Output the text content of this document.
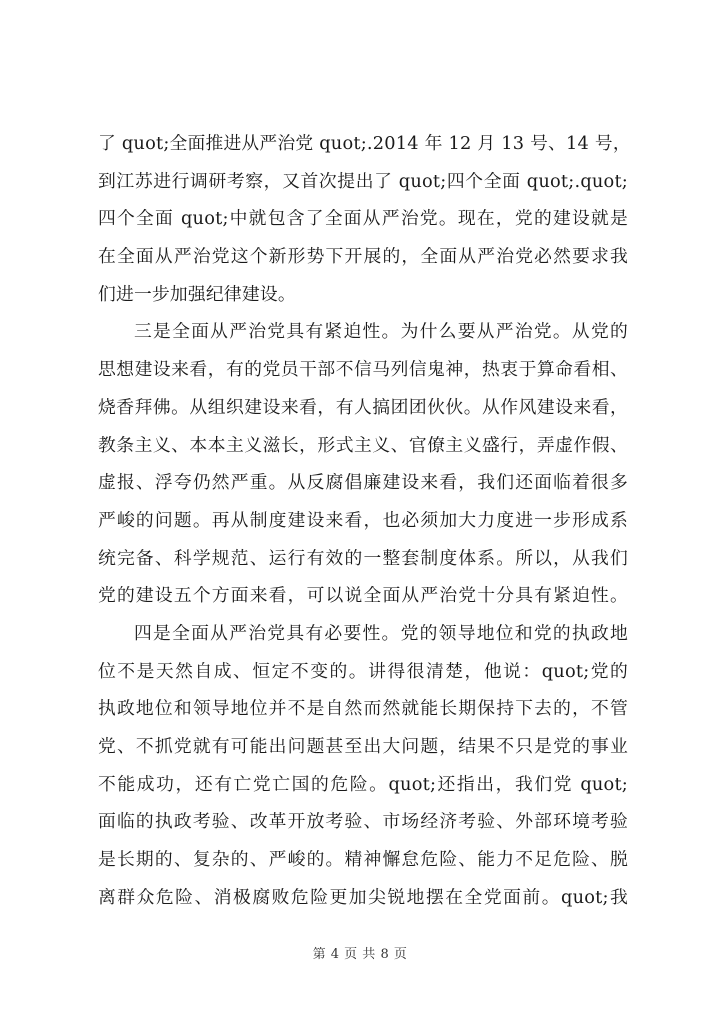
了 quot;全面推进从严治党 quot;.2014 年 12 月 13 号、14 号，
到江苏进行调研考察，又首次提出了 quot;四个全面 quot;.quot;
四个全面 quot;中就包含了全面从严治党。现在，党的建设就是
在全面从严治党这个新形势下开展的，全面从严治党必然要求我
们进一步加强纪律建设。
三是全面从严治党具有紧迫性。为什么要从严治党。从党的
思想建设来看，有的党员干部不信马列信鬼神，热衷于算命看相、
烧香拜佛。从组织建设来看，有人搞团团伙伙。从作风建设来看，
教条主义、本本主义滋长，形式主义、官僚主义盛行，弄虚作假、
虚报、浮夸仍然严重。从反腐倡廉建设来看，我们还面临着很多
严峻的问题。再从制度建设来看，也必须加大力度进一步形成系
统完备、科学规范、运行有效的一整套制度体系。所以，从我们
党的建设五个方面来看，可以说全面从严治党十分具有紧迫性。
四是全面从严治党具有必要性。党的领导地位和党的执政地
位不是天然自成、恒定不变的。讲得很清楚，他说：quot;党的
执政地位和领导地位并不是自然而然就能长期保持下去的，不管
党、不抓党就有可能出问题甚至出大问题，结果不只是党的事业
不能成功，还有亡党亡国的危险。quot;还指出，我们党 quot;
面临的执政考验、改革开放考验、市场经济考验、外部环境考验
是长期的、复杂的、严峻的。精神懈怠危险、能力不足危险、脱
离群众危险、消极腐败危险更加尖锐地摆在全党面前。quot;我
第 4 页 共 8 页
